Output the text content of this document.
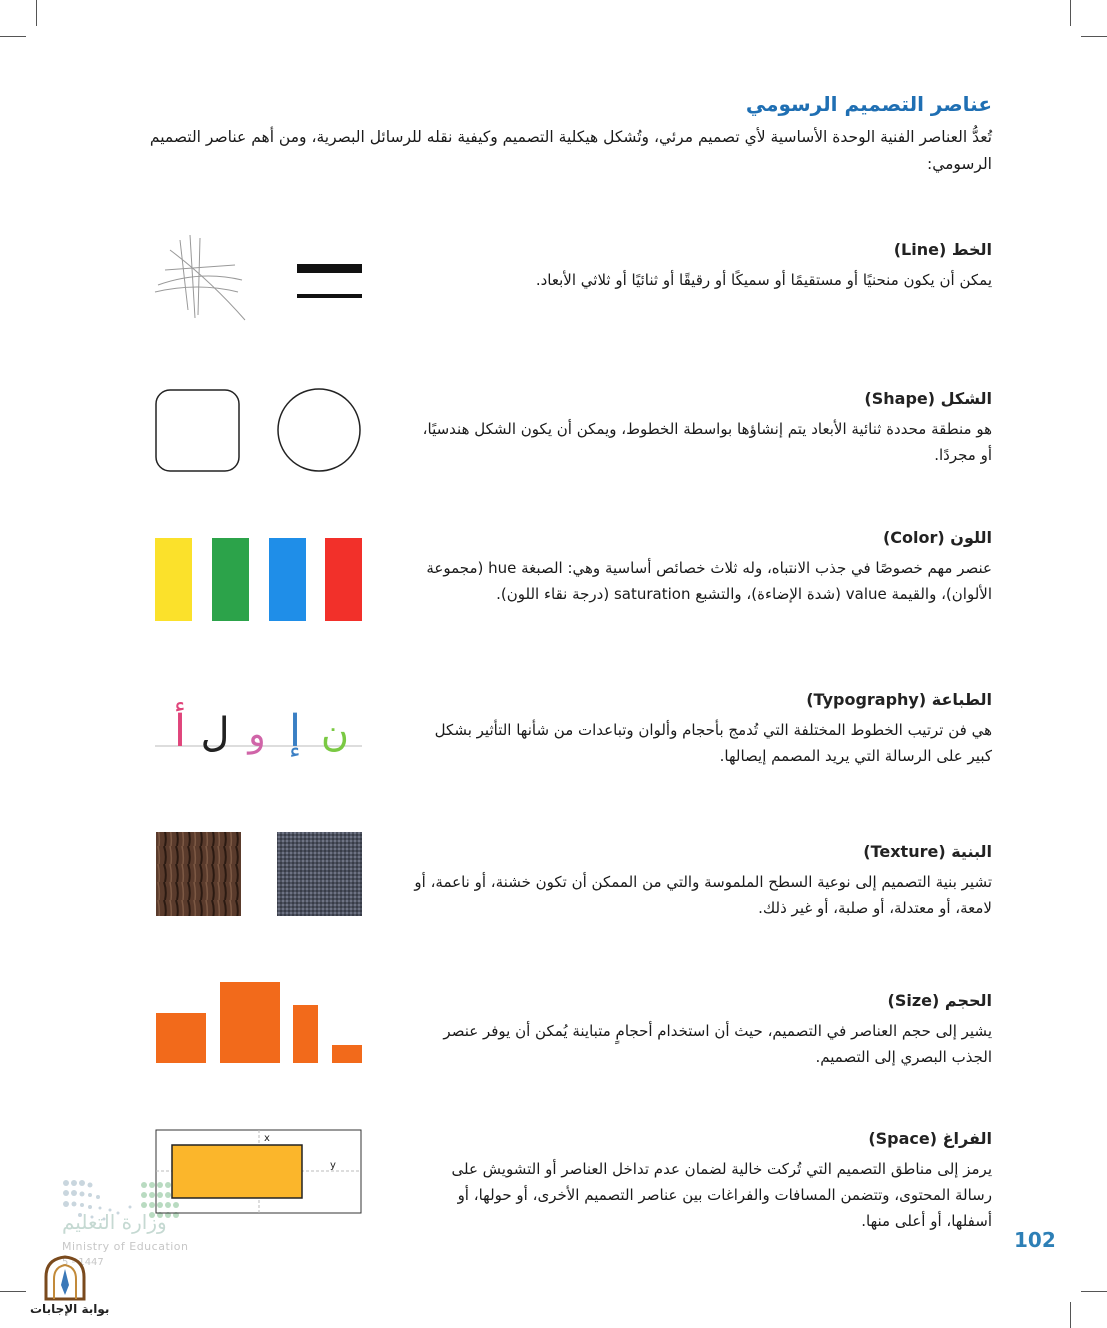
عناصر التصميم الرسومي

تُعدُّ العناصر الفنية الوحدة الأساسية لأي تصميم مرئي، وتُشكل هيكلية التصميم وكيفية نقله للرسائل البصرية، ومن أهم عناصر التصميم الرسومي:

الخط (Line)

يمكن أن يكون منحنيًا أو مستقيمًا أو سميكًا أو رقيقًا أو ثنائيًا أو ثلاثي الأبعاد.

الشكل (Shape)

هو منطقة محددة ثنائية الأبعاد يتم إنشاؤها بواسطة الخطوط، ويمكن أن يكون الشكل هندسيًا، أو مجردًا.

اللون (Color)

عنصر مهم خصوصًا في جذب الانتباه، وله ثلاث خصائص أساسية وهي: الصبغة hue (مجموعة الألوان)، والقيمة value (شدة الإضاءة)، والتشبع saturation (درجة نقاء اللون).

الطباعة (Typography)

هي فن ترتيب الخطوط المختلفة التي تُدمج بأحجام وألوان وتباعدات من شأنها التأثير بشكل كبير على الرسالة التي يريد المصمم إيصالها.

ن
إ
و
ل
أ
البنية (Texture)

تشير بنية التصميم إلى نوعية السطح الملموسة والتي من الممكن أن تكون خشنة، أو ناعمة، أو لامعة، أو معتدلة، أو صلبة، أو غير ذلك.

الحجم (Size)

يشير إلى حجم العناصر في التصميم، حيث أن استخدام أحجامٍ متباينة يُمكن أن يوفر عنصر الجذب البصري إلى التصميم.

الفراغ (Space)

يرمز إلى مناطق التصميم التي تُركت خالية لضمان عدم تداخل العناصر أو التشويش على رسالة المحتوى، وتتضمن المسافات والفراغات بين عناصر التصميم الأخرى، أو حولها، أو أسفلها، أو أعلى منها.

x
y
وزارة التعليم
Ministry of Education
5 - 1447
بوابة الإجابات
102
